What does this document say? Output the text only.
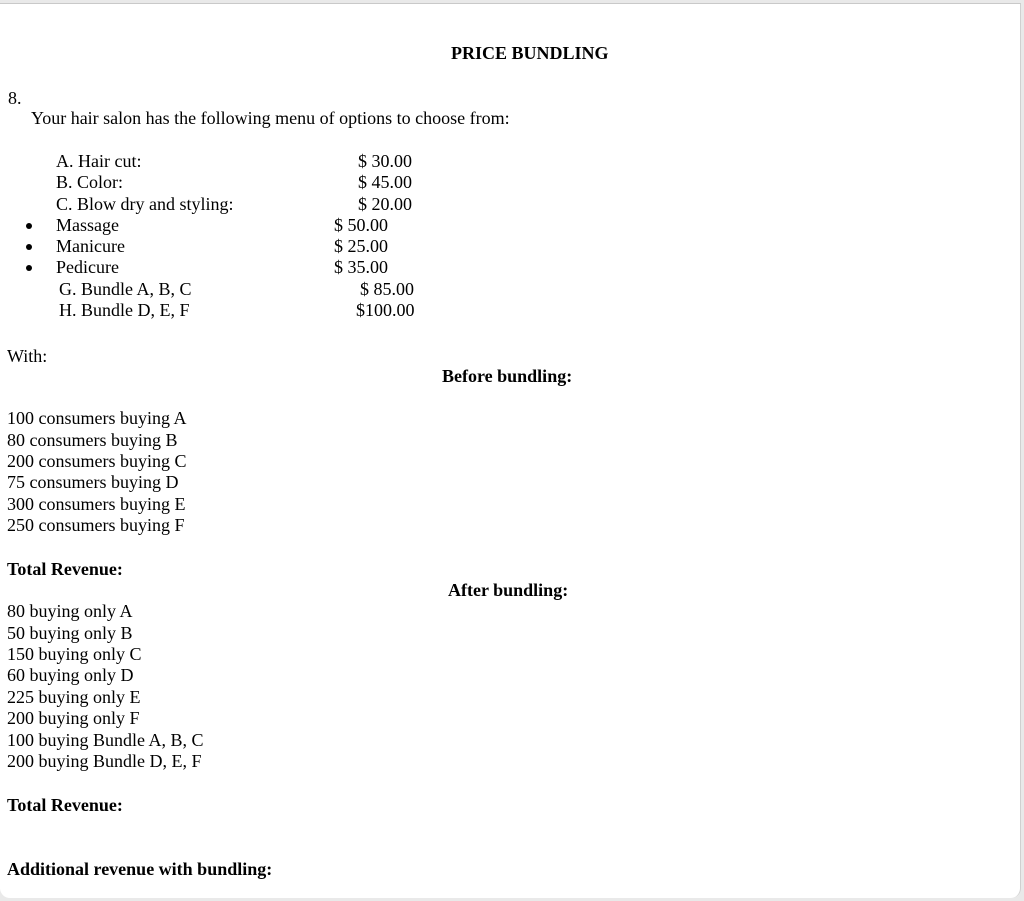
PRICE BUNDLING
8.
Your hair salon has the following menu of options to choose from:
A. Hair cut:	$ 30.00
B. Color:	$ 45.00
C. Blow dry and styling:	$ 20.00
Massage	$ 50.00
Manicure	$ 25.00
Pedicure	$ 35.00
G. Bundle A, B, C	$ 85.00
H. Bundle D, E, F	$100.00
With:
Before bundling:
100 consumers buying A
80 consumers buying B
200 consumers buying C
75 consumers buying D
300 consumers buying E
250 consumers buying F
Total Revenue:
After bundling:
80 buying only A
50 buying only B
150 buying only C
60 buying only D
225 buying only E
200 buying only F
100 buying Bundle A, B, C
200 buying Bundle D, E, F
Total Revenue:
Additional revenue with bundling:
